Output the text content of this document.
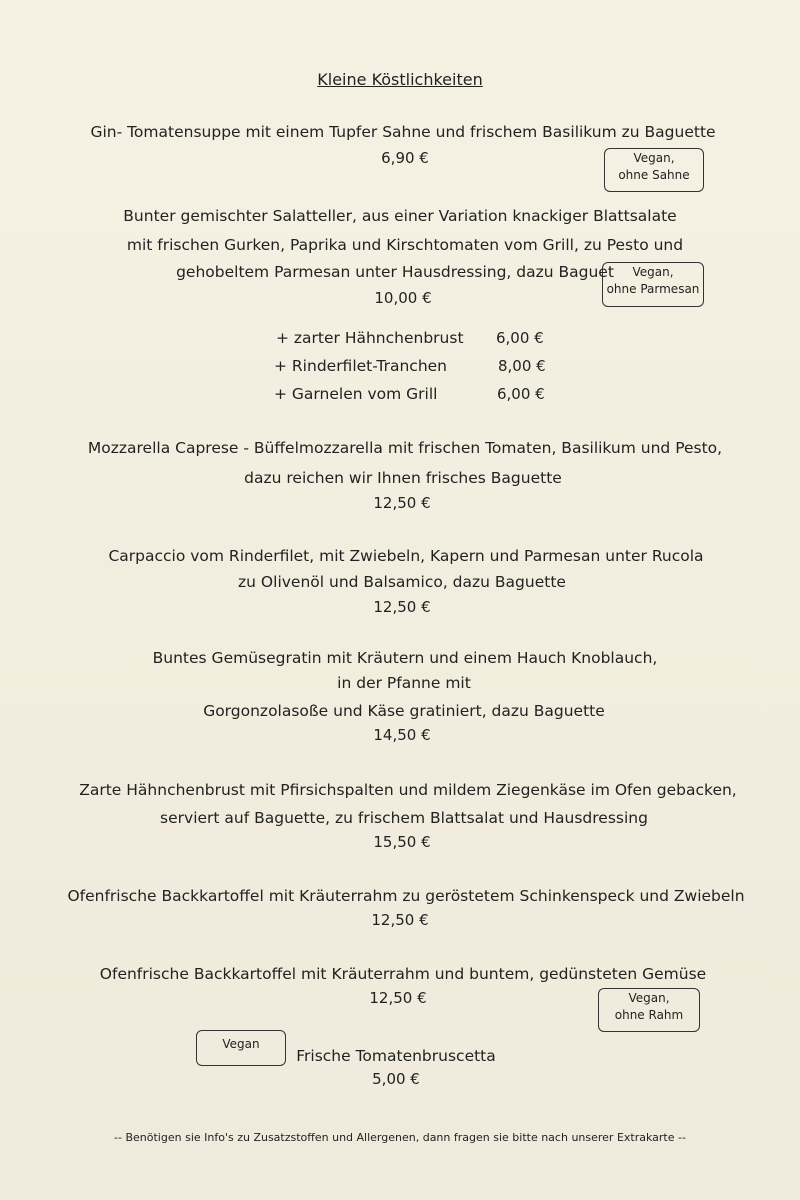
Kleine Köstlichkeiten
Gin- Tomatensuppe mit einem Tupfer Sahne und frischem Basilikum zu Baguette
6,90 €	Vegan,
ohne Sahne
Bunter gemischter Salatteller, aus einer Variation knackiger Blattsalate
mit frischen Gurken, Paprika und Kirschtomaten vom Grill, zu Pesto und
gehobeltem Parmesan unter Hausdressing, dazu Baguet
10,00 €
Vegan,
ohne Parmesan
+ zarter Hähnchenbrust 6,00 €
+ Rinderfilet-Tranchen	8,00 €
+ Garnelen vom Grill	6,00 €
Mozzarella Caprese - Büffelmozzarella mit frischen Tomaten, Basilikum und Pesto,
dazu reichen wir Ihnen frisches Baguette
12,50 €
Carpaccio vom Rinderfilet, mit Zwiebeln, Kapern und Parmesan unter Rucola
zu Olivenöl und Balsamico, dazu Baguette
12,50 €
Buntes Gemüsegratin mit Kräutern und einem Hauch Knoblauch,
in der Pfanne mit
Gorgonzolasoße und Käse gratiniert, dazu Baguette
14,50 €
Zarte Hähnchenbrust mit Pfirsichspalten und mildem Ziegenkäse im Ofen gebacken,
serviert auf Baguette, zu frischem Blattsalat und Hausdressing
15,50 €
Ofenfrische Backkartoffel mit Kräuterrahm zu geröstetem Schinkenspeck und Zwiebeln
12,50 €
Ofenfrische Backkartoffel mit Kräuterrahm und buntem, gedünsteten Gemüse
12,50 €	Vegan,
ohne Rahm
Vegan
Frische Tomatenbruscetta
5,00 €
-- Benötigen sie Info's zu Zusatzstoffen und Allergenen, dann fragen sie bitte nach unserer Extrakarte --
